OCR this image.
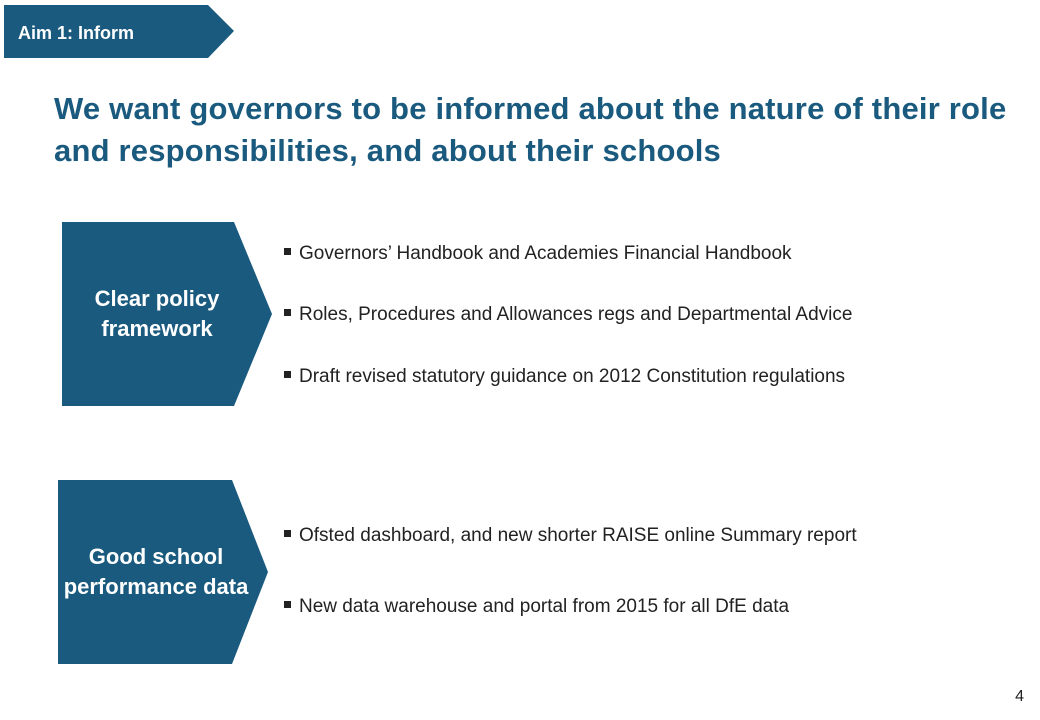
Aim 1: Inform
We want governors to be informed about the nature of their role and responsibilities, and about their schools
Clear policy framework
Governors’ Handbook and Academies Financial Handbook
Roles, Procedures and Allowances regs and Departmental Advice
Draft revised statutory guidance on 2012 Constitution regulations
Good school performance data
Ofsted dashboard, and new shorter RAISE online Summary report
New data warehouse and portal from 2015 for all DfE data
4
